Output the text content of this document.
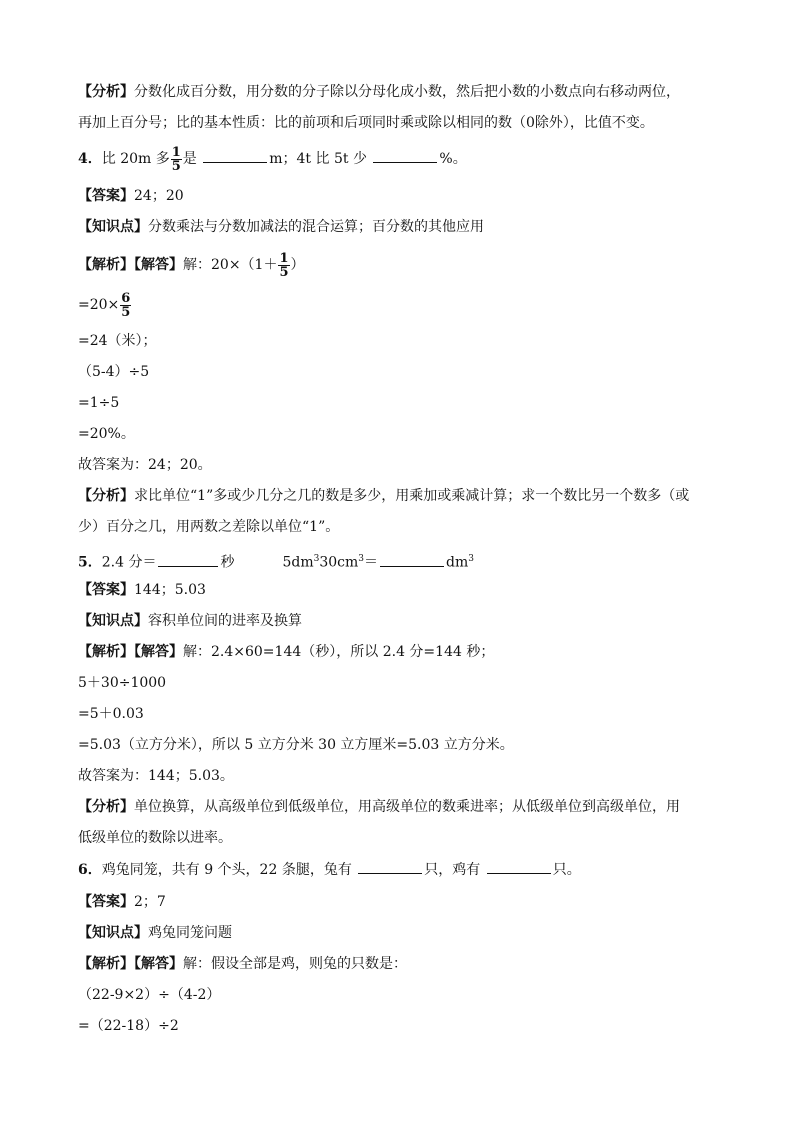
【分析】分数化成百分数，用分数的分子除以分母化成小数，然后把小数的小数点向右移动两位，
再加上百分号；比的基本性质：比的前项和后项同时乘或除以相同的数（0除外），比值不变。
4．比 20m 多 $\frac{1}{5}$ 是	m；4t 比 5t 少	%。
【答案】24；20
【知识点】分数乘法与分数加减法的混合运算；百分数的其他应用
【解析】【解答】解：$20\times(1+ \frac{1}{5}$ ）
$=20\times \frac{6}{5}$
=24（米）；
（5-4）÷5
=1÷5
=20%。
故答案为：24；20。
【分析】求比单位“1”多或少几分之几的数是多少，用乘加或乘减计算；求一个数比另一个数多（或
少）百分之几，用两数之差除以单位“1”。
5．2.4 分＝	秒	$5dm^330cm^3=$	$dm^3$
【答案】144；5.03
【知识点】容积单位间的进率及换算
【解析】【解答】解：2.4×60=144（秒），所以 2.4 分=144 秒；
5＋30÷1000
=5＋0.03
=5.03（立方分米），所以 5 立方分米 30 立方厘米=5.03 立方分米。
故答案为：144；5.03。
【分析】单位换算，从高级单位到低级单位，用高级单位的数乘进率；从低级单位到高级单位，用
低级单位的数除以进率。
6．鸡兔同笼，共有 9 个头，22 条腿，兔有	只，鸡有	只。
【答案】2；7
【知识点】鸡兔同笼问题
【解析】【解答】解：假设全部是鸡，则兔的只数是：
（22-9×2）÷（4-2）
=（22-18）÷2
